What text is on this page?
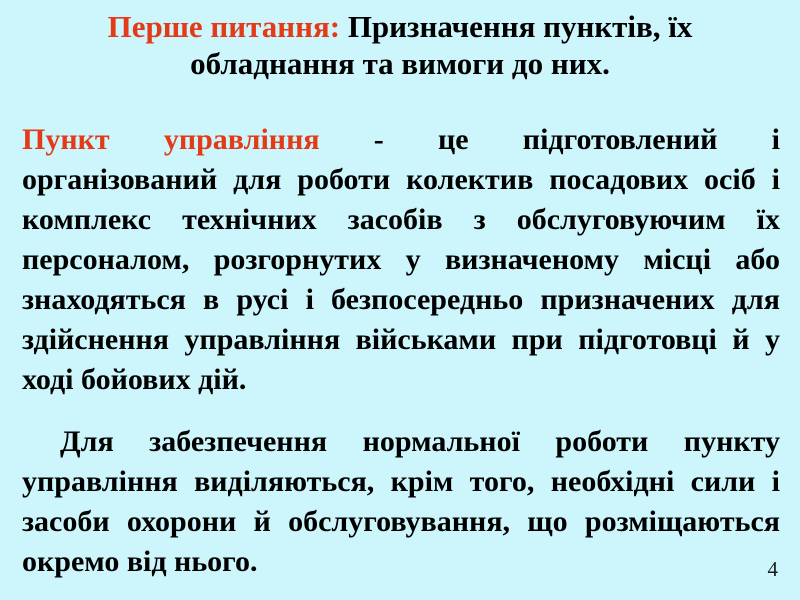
Перше питання: Призначення пунктів, їх
обладнання та вимоги до них.
Пункт управління - це підготовлений і
організований для роботи колектив посадових осіб і
комплекс технічних засобів з обслуговуючим їх
персоналом, розгорнутих у визначеному місці або
знаходяться в русі і безпосередньо призначених для
здійснення управління військами при підготовці й у
ході бойових дій.
Для забезпечення нормальної роботи пункту
управління виділяються, крім того, необхідні сили і
засоби охорони й обслуговування, що розміщаються
окремо від нього.	4
